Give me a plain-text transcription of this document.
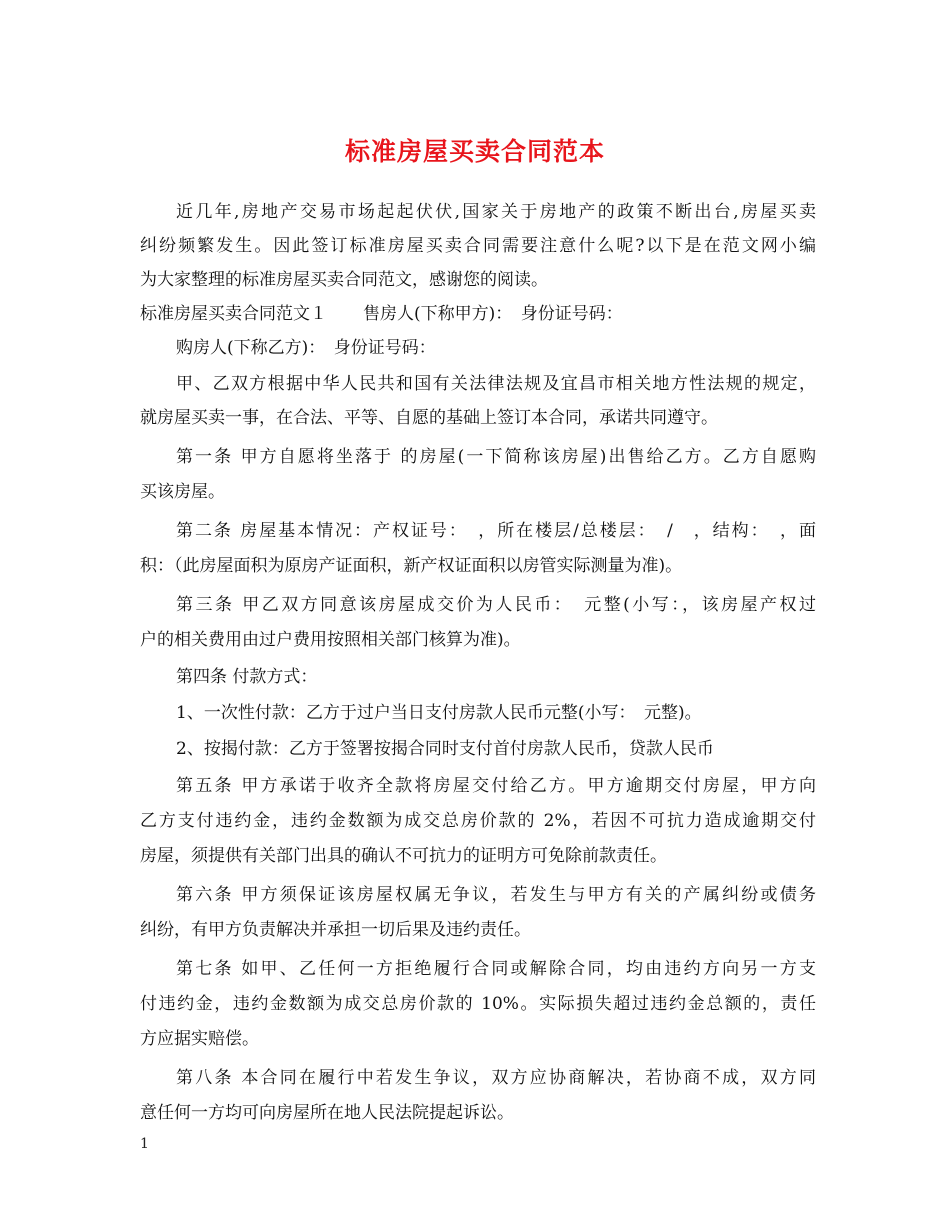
标准房屋买卖合同范本
近几年,房地产交易市场起起伏伏,国家关于房地产的政策不断出台,房屋买卖
纠纷频繁发生。因此签订标准房屋买卖合同需要注意什么呢?以下是在范文网小编
为大家整理的标准房屋买卖合同范文，感谢您的阅读。
标准房屋买卖合同范文１ 售房人(下称甲方)：　身份证号码：
购房人(下称乙方)：　身份证号码：
甲、乙双方根据中华人民共和国有关法律法规及宜昌市相关地方性法规的规定，
就房屋买卖一事，在合法、平等、自愿的基础上签订本合同，承诺共同遵守。
第一条 甲方自愿将坐落于 的房屋(一下简称该房屋)出售给乙方。乙方自愿购
买该房屋。
第二条 房屋基本情况：产权证号：　，所在楼层/总楼层：　/　，结构：　，面
积：（此房屋面积为原房产证面积，新产权证面积以房管实际测量为准)。
第三条 甲乙双方同意该房屋成交价为人民币：　元整(小写：，该房屋产权过
户的相关费用由过户费用按照相关部门核算为准)。
第四条 付款方式：
1、一次性付款：乙方于过户当日支付房款人民币元整(小写：　元整)。
2、按揭付款：乙方于签署按揭合同时支付首付房款人民币，贷款人民币
第五条 甲方承诺于收齐全款将房屋交付给乙方。甲方逾期交付房屋，甲方向
乙方支付违约金，违约金数额为成交总房价款的 2%，若因不可抗力造成逾期交付
房屋，须提供有关部门出具的确认不可抗力的证明方可免除前款责任。
第六条 甲方须保证该房屋权属无争议，若发生与甲方有关的产属纠纷或债务
纠纷，有甲方负责解决并承担一切后果及违约责任。
第七条 如甲、乙任何一方拒绝履行合同或解除合同，均由违约方向另一方支
付违约金，违约金数额为成交总房价款的 10%。实际损失超过违约金总额的，责任
方应据实赔偿。
第八条 本合同在履行中若发生争议，双方应协商解决，若协商不成，双方同
意任何一方均可向房屋所在地人民法院提起诉讼。
1
